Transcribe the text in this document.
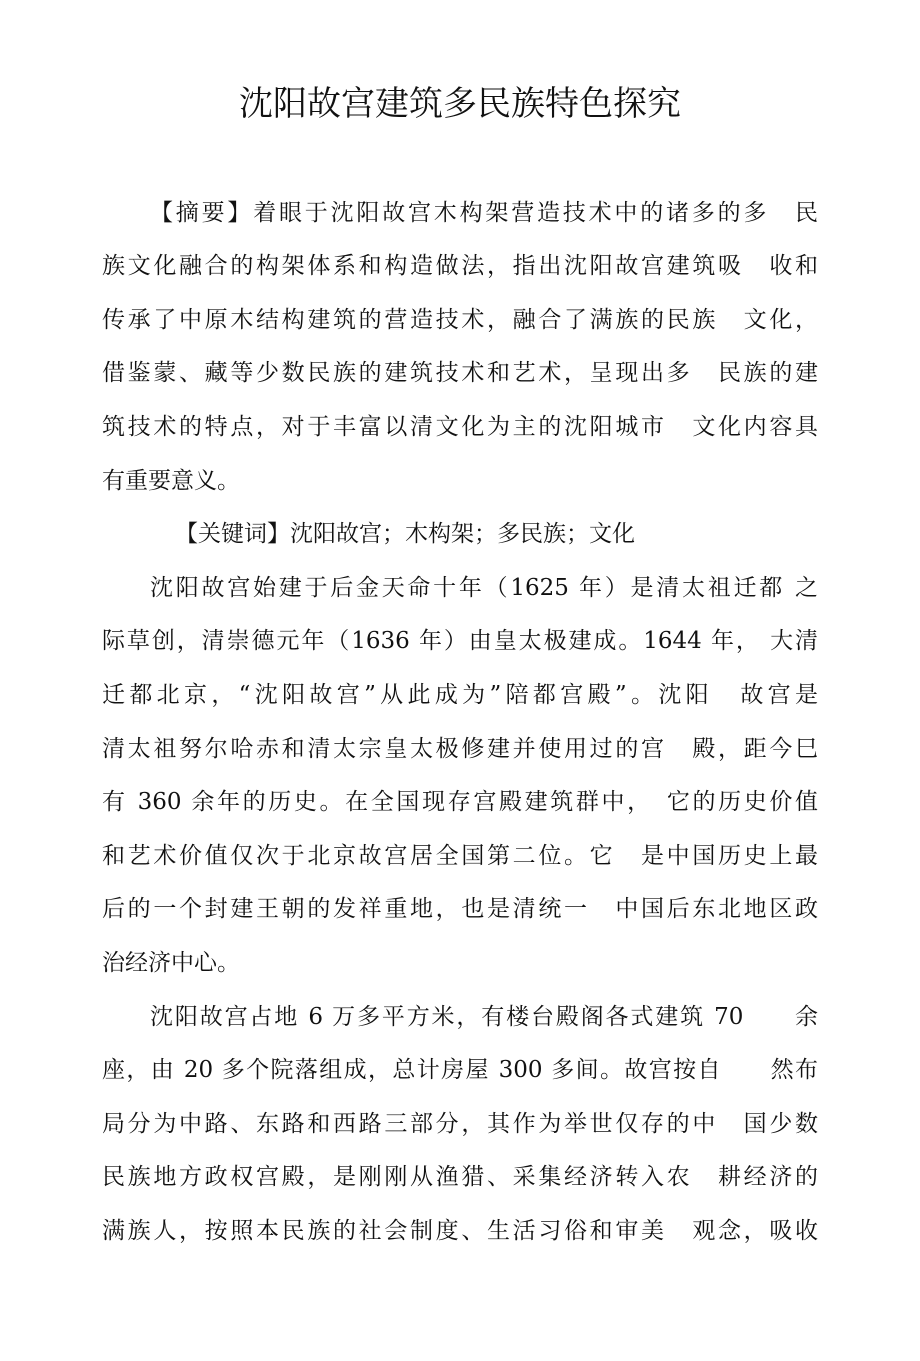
沈阳故宫建筑多民族特色探究
【摘要】着眼于沈阳故宫木构架营造技术中的诸多的多　民
族文化融合的构架体系和构造做法，指出沈阳故宫建筑吸　收和
传承了中原木结构建筑的营造技术，融合了满族的民族　文化，
借鉴蒙、藏等少数民族的建筑技术和艺术，呈现出多　民族的建
筑技术的特点，对于丰富以清文化为主的沈阳城市　文化内容具
有重要意义。
【关键词】沈阳故宫；木构架；多民族；文化
沈阳故宫始建于后金天命十年（1625 年）是清太祖迁都 之
际草创，清崇德元年（1636 年）由皇太极建成。1644 年， 大清
迁都北京，“沈阳故宫”从此成为”陪都宫殿”。沈阳　故宫是
清太祖努尔哈赤和清太宗皇太极修建并使用过的宫　殿，距今巳
有 360 余年的历史。在全国现存宫殿建筑群中，　它的历史价值
和艺术价值仅次于北京故宫居全国第二位。它　是中国历史上最
后的一个封建王朝的发祥重地，也是清统一　中国后东北地区政
治经济中心。
沈阳故宫占地 6 万多平方米，有楼台殿阁各式建筑 70　　余
座，由 20 多个院落组成，总计房屋 300 多间。故宫按自　　然布
局分为中路、东路和西路三部分，其作为举世仅存的中　国少数
民族地方政权宫殿，是刚刚从渔猎、采集经济转入农　耕经济的
满族人，按照本民族的社会制度、生活习俗和审美　观念，吸收
